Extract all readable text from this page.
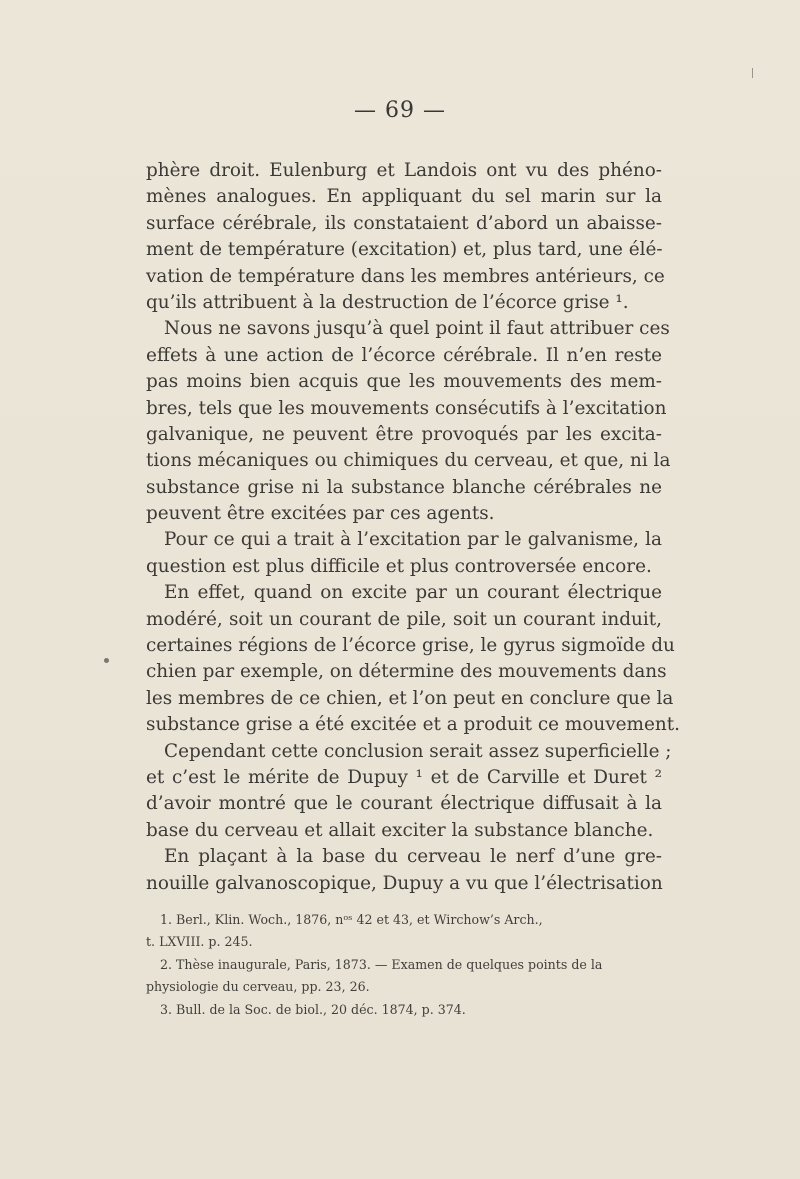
— 69 —
phère droit. Eulenburg et Landois ont vu des phéno-
mènes analogues. En appliquant du sel marin sur la
surface cérébrale, ils constataient d’abord un abaisse-
ment de température (excitation) et, plus tard, une élé-
vation de température dans les membres antérieurs, ce
qu’ils attribuent à la destruction de l’écorce grise ¹.
Nous ne savons jusqu’à quel point il faut attribuer ces
effets à une action de l’écorce cérébrale. Il n’en reste
pas moins bien acquis que les mouvements des mem-
bres, tels que les mouvements consécutifs à l’excitation
galvanique, ne peuvent être provoqués par les excita-
tions mécaniques ou chimiques du cerveau, et que, ni la
substance grise ni la substance blanche cérébrales ne
peuvent être excitées par ces agents.
Pour ce qui a trait à l’excitation par le galvanisme, la
question est plus difficile et plus controversée encore.
En effet, quand on excite par un courant électrique
modéré, soit un courant de pile, soit un courant induit,
certaines régions de l’écorce grise, le gyrus sigmoïde du
chien par exemple, on détermine des mouvements dans
les membres de ce chien, et l’on peut en conclure que la
substance grise a été excitée et a produit ce mouvement.
Cependant cette conclusion serait assez superficielle ;
et c’est le mérite de Dupuy ¹ et de Carville et Duret ²
d’avoir montré que le courant électrique diffusait à la
base du cerveau et allait exciter la substance blanche.
En plaçant à la base du cerveau le nerf d’une gre-
nouille galvanoscopique, Dupuy a vu que l’électrisation
1. Berl., Klin. Woch., 1876, nᵒˢ 42 et 43, et Wirchow’s Arch.,
t. LXVIII. p. 245.
2. Thèse inaugurale, Paris, 1873. — Examen de quelques points de la
physiologie du cerveau, pp. 23, 26.
3. Bull. de la Soc. de biol., 20 déc. 1874, p. 374.
